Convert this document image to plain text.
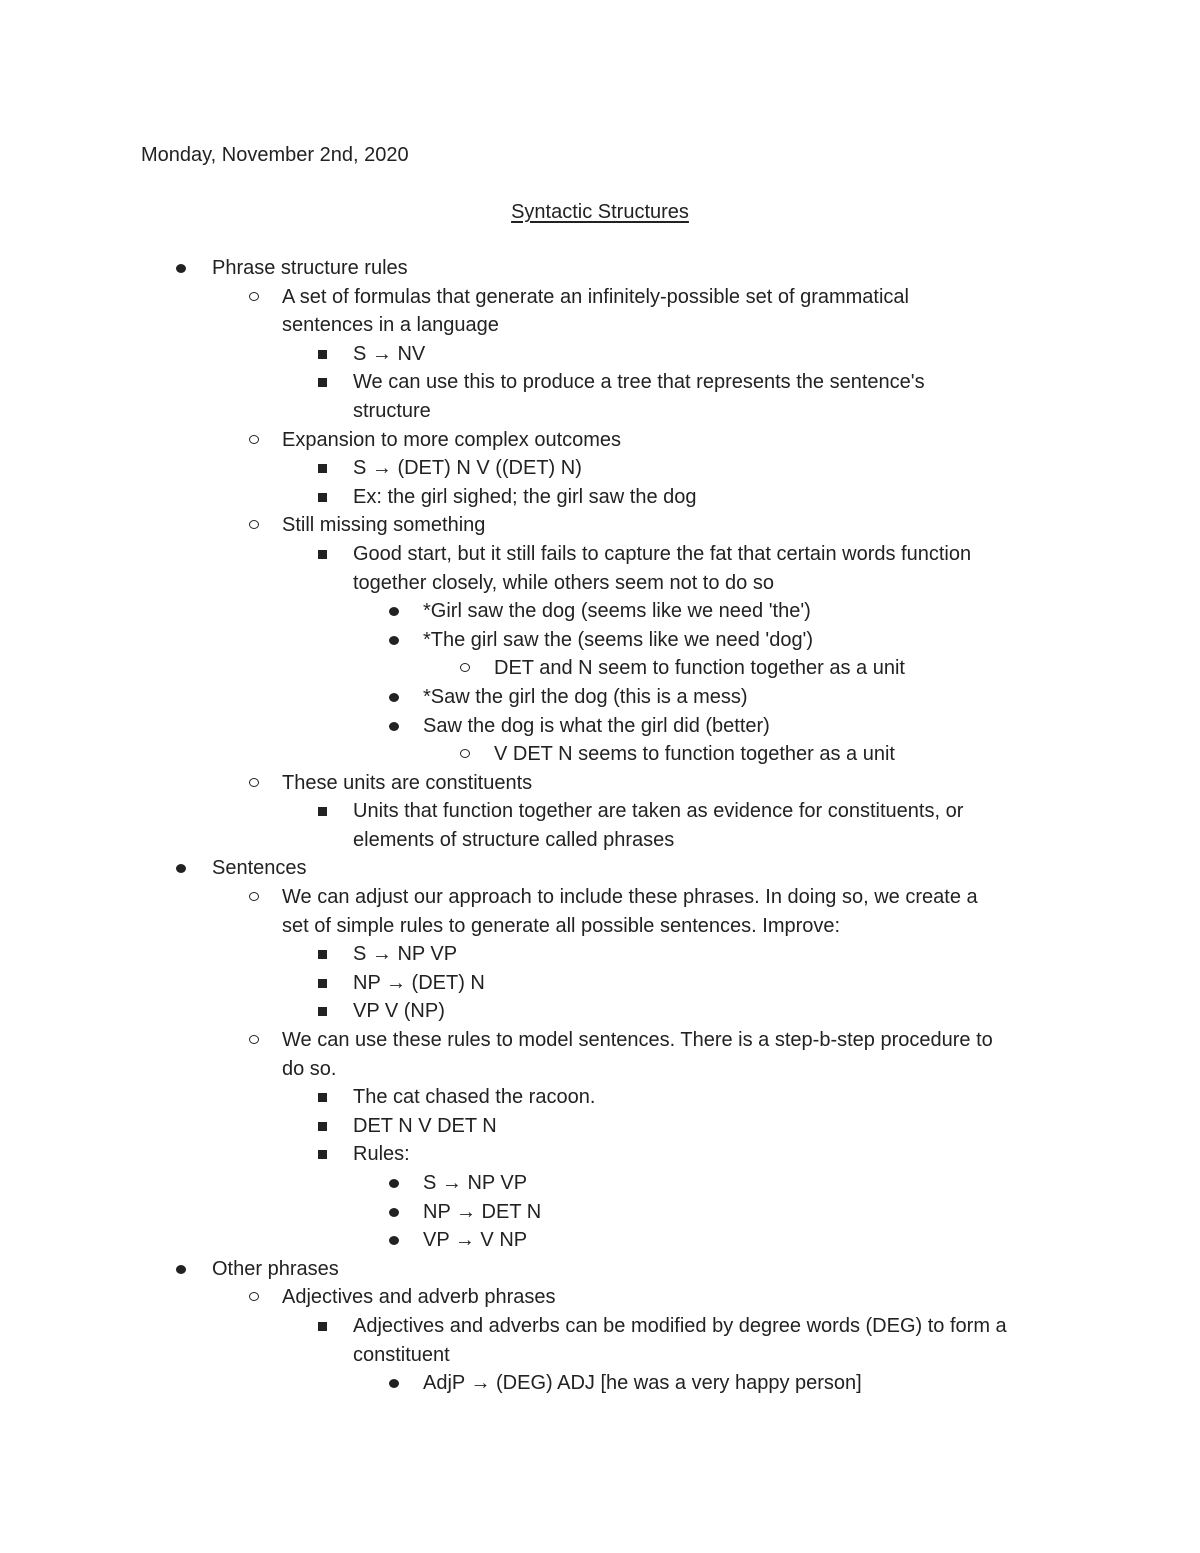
Monday, November 2nd, 2020
Syntactic Structures
Phrase structure rules
A set of formulas that generate an infinitely-possible set of grammatical
sentences in a language
S → NV
We can use this to produce a tree that represents the sentence's
structure
Expansion to more complex outcomes
S → (DET) N V ((DET) N)
Ex: the girl sighed; the girl saw the dog
Still missing something
Good start, but it still fails to capture the fat that certain words function
together closely, while others seem not to do so
*Girl saw the dog (seems like we need 'the')
*The girl saw the (seems like we need 'dog')
DET and N seem to function together as a unit
*Saw the girl the dog (this is a mess)
Saw the dog is what the girl did (better)
V DET N seems to function together as a unit
These units are constituents
Units that function together are taken as evidence for constituents, or
elements of structure called phrases
Sentences
We can adjust our approach to include these phrases. In doing so, we create a
set of simple rules to generate all possible sentences. Improve:
S → NP VP
NP → (DET) N
VP V (NP)
We can use these rules to model sentences. There is a step-b-step procedure to
do so.
The cat chased the racoon.
DET N V DET N
Rules:
S → NP VP
NP → DET N
VP → V NP
Other phrases
Adjectives and adverb phrases
Adjectives and adverbs can be modified by degree words (DEG) to form a
constituent
AdjP → (DEG) ADJ [he was a very happy person]
